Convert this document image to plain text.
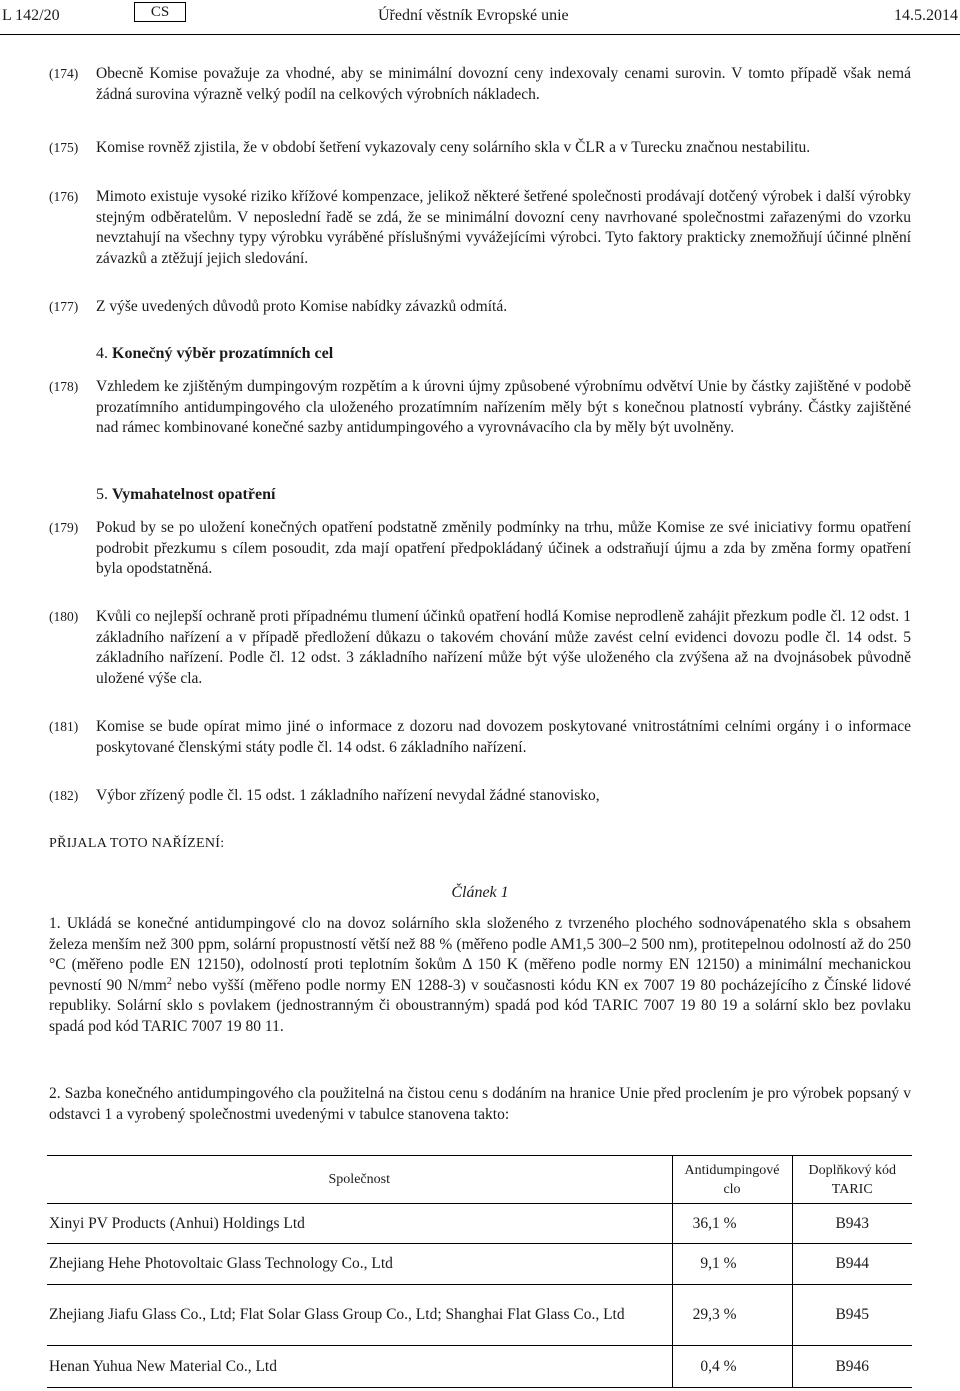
L 142/20	CS	Úřední věstník Evropské unie	14.5.2014
(174) Obecně Komise považuje za vhodné, aby se minimální dovozní ceny indexovaly cenami surovin. V tomto případě však nemá žádná surovina výrazně velký podíl na celkových výrobních nákladech.
(175) Komise rovněž zjistila, že v období šetření vykazovaly ceny solárního skla v ČLR a v Turecku značnou nestabilitu.
(176) Mimoto existuje vysoké riziko křížové kompenzace, jelikož některé šetřené společnosti prodávají dotčený výrobek i další výrobky stejným odběratelům. V neposlední řadě se zdá, že se minimální dovozní ceny navrhované společnostmi zařazenými do vzorku nevztahují na všechny typy výrobku vyráběné příslušnými vyvážejícími výrobci. Tyto faktory prakticky znemožňují účinné plnění závazků a ztěžují jejich sledování.
(177) Z výše uvedených důvodů proto Komise nabídky závazků odmítá.
4. Konečný výběr prozatímních cel
(178) Vzhledem ke zjištěným dumpingovým rozpětím a k úrovni újmy způsobené výrobnímu odvětví Unie by částky zajištěné v podobě prozatímního antidumpingového cla uloženého prozatímním nařízením měly být s konečnou platností vybrány. Částky zajištěné nad rámec kombinované konečné sazby antidumpingového a vyrovnávacího cla by měly být uvolněny.
5. Vymahatelnost opatření
(179) Pokud by se po uložení konečných opatření podstatně změnily podmínky na trhu, může Komise ze své iniciativy formu opatření podrobit přezkumu s cílem posoudit, zda mají opatření předpokládaný účinek a odstraňují újmu a zda by změna formy opatření byla opodstatněná.
(180) Kvůli co nejlepší ochraně proti případnému tlumení účinků opatření hodlá Komise neprodleně zahájit přezkum podle čl. 12 odst. 1 základního nařízení a v případě předložení důkazu o takovém chování může zavést celní evidenci dovozu podle čl. 14 odst. 5 základního nařízení. Podle čl. 12 odst. 3 základního nařízení může být výše uloženého cla zvýšena až na dvojnásobek původně uložené výše cla.
(181) Komise se bude opírat mimo jiné o informace z dozoru nad dovozem poskytované vnitrostátními celními orgány i o informace poskytované členskými státy podle čl. 14 odst. 6 základního nařízení.
(182) Výbor zřízený podle čl. 15 odst. 1 základního nařízení nevydal žádné stanovisko,
PŘIJALA TOTO NAŘÍZENÍ:
Článek 1
1. Ukládá se konečné antidumpingové clo na dovoz solárního skla složeného z tvrzeného plochého sodnovápenatého skla s obsahem železa menším než 300 ppm, solární propustností větší než 88 % (měřeno podle AM1,5 300–2 500 nm), protitepelnou odolností až do 250 °C (měřeno podle EN 12150), odolností proti teplotním šokům Δ 150 K (měřeno podle normy EN 12150) a minimální mechanickou pevností 90 $N/mm^2$ nebo vyšší (měřeno podle normy EN 1288-3) v současnosti kódu KN ex 7007 19 80 pocházejícího z Čínské lidové republiky. Solární sklo s povlakem (jednostranným či oboustranným) spadá pod kód TARIC 7007 19 80 19 a solární sklo bez povlaku spadá pod kód TARIC 7007 19 80 11.
2. Sazba konečného antidumpingového cla použitelná na čistou cenu s dodáním na hranice Unie před proclením je pro výrobek popsaný v odstavci 1 a vyrobený společnostmi uvedenými v tabulce stanovena takto:
Společnost	Antidumpingové clo	Doplňkový kód TARIC
Xinyi PV Products (Anhui) Holdings Ltd	36,1 %	B943
Zhejiang Hehe Photovoltaic Glass Technology Co., Ltd	9,1 %	B944
Zhejiang Jiafu Glass Co., Ltd; Flat Solar Glass Group Co., Ltd; Shanghai Flat Glass Co., Ltd	29,3 %	B945
Henan Yuhua New Material Co., Ltd	0,4 %	B946
